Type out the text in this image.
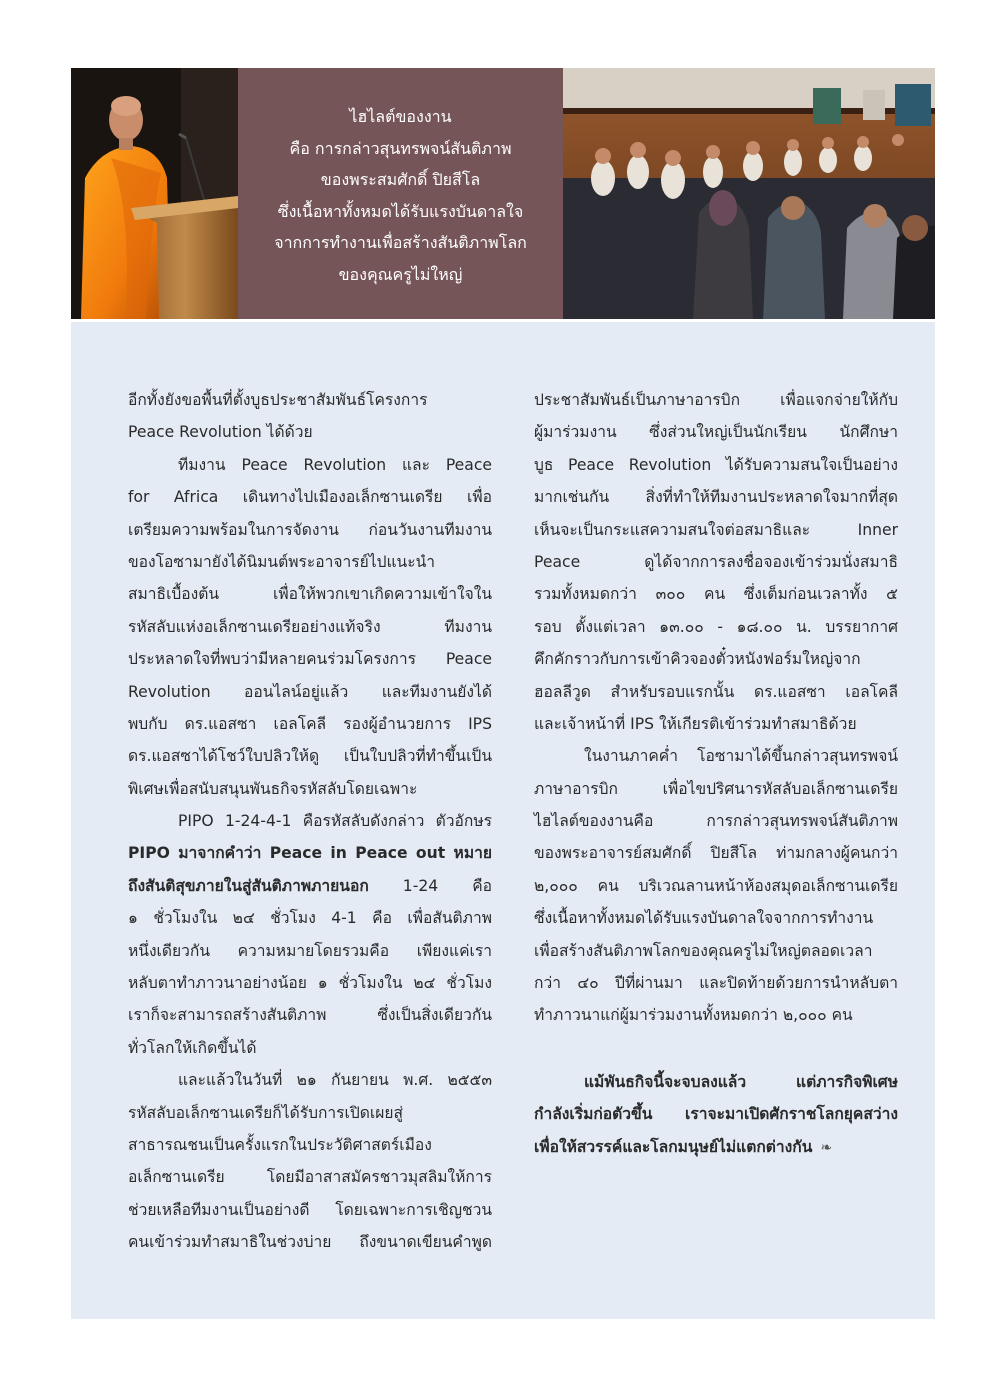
ไฮไลต์ของงาน
คือ การกล่าวสุนทรพจน์สันติภาพ
ของพระสมศักดิ์ ปิยสีโล
ซึ่งเนื้อหาทั้งหมดได้รับแรงบันดาลใจ
จากการทำงานเพื่อสร้างสันติภาพโลก
ของคุณครูไม่ใหญ่
อีกทั้งยังขอพื้นที่ตั้งบูธประชาสัมพันธ์โครงการ
Peace Revolution ได้ด้วย
ทีมงาน Peace Revolution และ Peace
for Africa เดินทางไปเมืองอเล็กซานเดรีย เพื่อ
เตรียมความพร้อมในการจัดงาน ก่อนวันงานทีมงาน
ของโอซามายังได้นิมนต์พระอาจารย์ไปแนะนำ
สมาธิเบื้องต้น เพื่อให้พวกเขาเกิดความเข้าใจใน
รหัสลับแห่งอเล็กซานเดรียอย่างแท้จริง ทีมงาน
ประหลาดใจที่พบว่ามีหลายคนร่วมโครงการ Peace
Revolution ออนไลน์อยู่แล้ว และทีมงานยังได้
พบกับ ดร.แอสซา เอลโคลี รองผู้อำนวยการ IPS
ดร.แอสซาได้โชว์ใบปลิวให้ดู เป็นใบปลิวที่ทำขึ้นเป็น
พิเศษเพื่อสนับสนุนพันธกิจรหัสลับโดยเฉพาะ
PIPO 1-24-4-1 คือรหัสลับดังกล่าว ตัวอักษร
PIPO มาจากคำว่า Peace in Peace out หมาย
ถึงสันติสุขภายในสู่สันติภาพภายนอก 1-24 คือ
๑ ชั่วโมงใน ๒๔ ชั่วโมง 4-1 คือ เพื่อสันติภาพ
หนึ่งเดียวกัน ความหมายโดยรวมคือ เพียงแค่เรา
หลับตาทำภาวนาอย่างน้อย ๑ ชั่วโมงใน ๒๔ ชั่วโมง
เราก็จะสามารถสร้างสันติภาพ ซึ่งเป็นสิ่งเดียวกัน
ทั่วโลกให้เกิดขึ้นได้
และแล้วในวันที่ ๒๑ กันยายน พ.ศ. ๒๕๕๓
รหัสลับอเล็กซานเดรียก็ได้รับการเปิดเผยสู่
สาธารณชนเป็นครั้งแรกในประวัติศาสตร์เมือง
อเล็กซานเดรีย โดยมีอาสาสมัครชาวมุสลิมให้การ
ช่วยเหลือทีมงานเป็นอย่างดี โดยเฉพาะการเชิญชวน
คนเข้าร่วมทำสมาธิในช่วงบ่าย ถึงขนาดเขียนคำพูด
ประชาสัมพันธ์เป็นภาษาอารบิก เพื่อแจกจ่ายให้กับ
ผู้มาร่วมงาน ซึ่งส่วนใหญ่เป็นนักเรียน นักศึกษา
บูธ Peace Revolution ได้รับความสนใจเป็นอย่าง
มากเช่นกัน สิ่งที่ทำให้ทีมงานประหลาดใจมากที่สุด
เห็นจะเป็นกระแสความสนใจต่อสมาธิและ Inner
Peace ดูได้จากการลงชื่อจองเข้าร่วมนั่งสมาธิ
รวมทั้งหมดกว่า ๓๐๐ คน ซึ่งเต็มก่อนเวลาทั้ง ๕
รอบ ตั้งแต่เวลา ๑๓.๐๐ - ๑๘.๐๐ น. บรรยากาศ
คึกคักราวกับการเข้าคิวจองตั๋วหนังฟอร์มใหญ่จาก
ฮอลลีวูด สำหรับรอบแรกนั้น ดร.แอสซา เอลโคลี
และเจ้าหน้าที่ IPS ให้เกียรติเข้าร่วมทำสมาธิด้วย
ในงานภาคค่ำ โอซามาได้ขึ้นกล่าวสุนทรพจน์
ภาษาอารบิก เพื่อไขปริศนารหัสลับอเล็กซานเดรีย
ไฮไลต์ของงานคือ การกล่าวสุนทรพจน์สันติภาพ
ของพระอาจารย์สมศักดิ์ ปิยสีโล ท่ามกลางผู้คนกว่า
๒,๐๐๐ คน บริเวณลานหน้าห้องสมุดอเล็กซานเดรีย
ซึ่งเนื้อหาทั้งหมดได้รับแรงบันดาลใจจากการทำงาน
เพื่อสร้างสันติภาพโลกของคุณครูไม่ใหญ่ตลอดเวลา
กว่า ๔๐ ปีที่ผ่านมา และปิดท้ายด้วยการนำหลับตา
ทำภาวนาแก่ผู้มาร่วมงานทั้งหมดกว่า ๒,๐๐๐ คน
แม้พันธกิจนี้จะจบลงแล้ว แต่ภารกิจพิเศษ
กำลังเริ่มก่อตัวขึ้น เราจะมาเปิดศักราชโลกยุคสว่าง
เพื่อให้สวรรค์และโลกมนุษย์ไม่แตกต่างกัน ❧
